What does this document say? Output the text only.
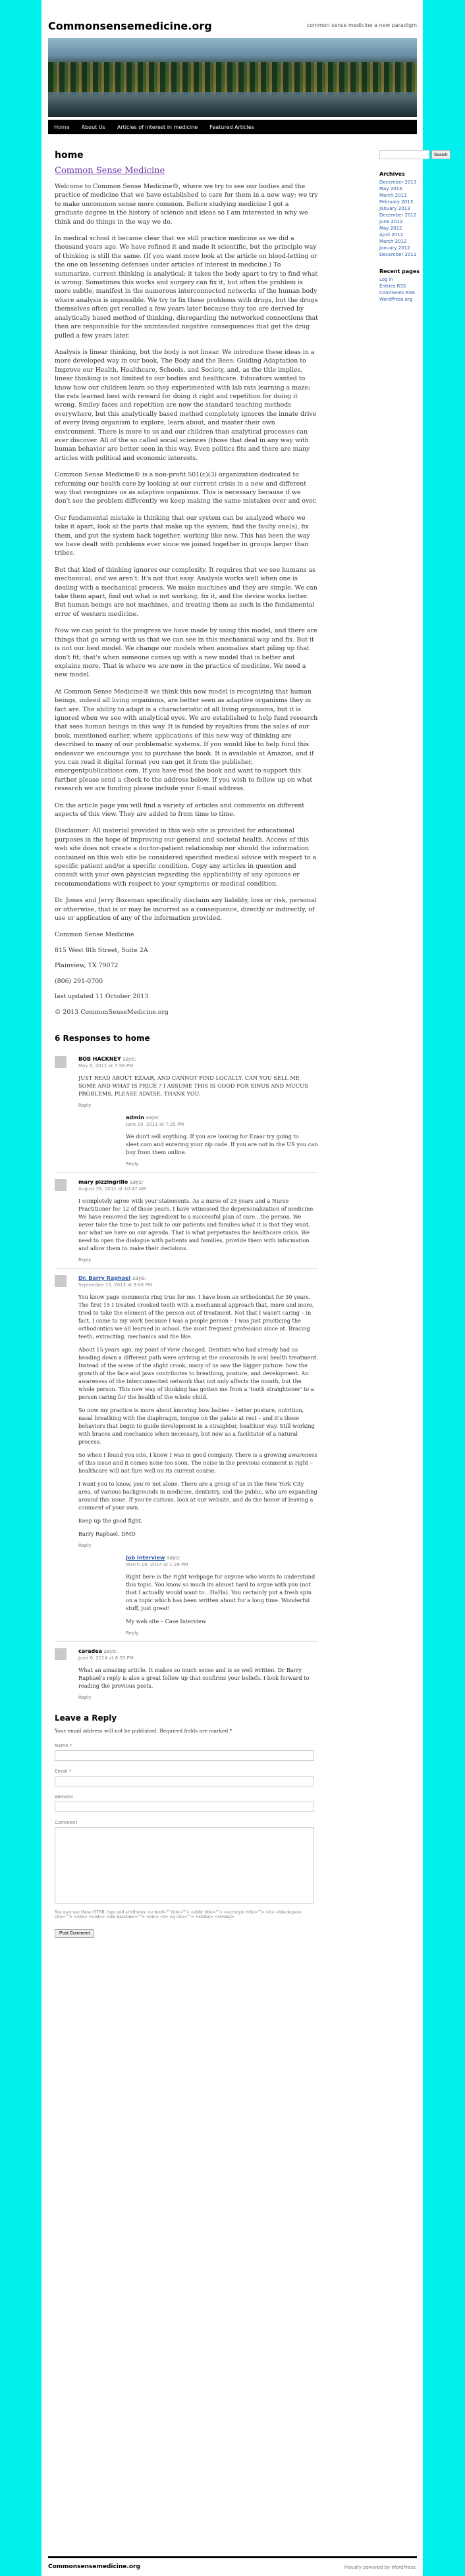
Commonsensemedicine.org	common sense medicine a new paradigm
Home	About Us	Articles of interest in medicine	Featured Articles
home
Common Sense Medicine

Welcome to Common Sense Medicine®, where we try to see our bodies and the practice of medicine that we have established to care for them in a new way; we try to make uncommon sense more common. Before studying medicine I got a graduate degree in the history of science and ideas so I am interested in why we think and do things in the way we do.

In medical school it became clear that we still practice medicine as we did a thousand years ago. We have refined it and made it scientific, but the principle way of thinking is still the same. (If you want more look at the article on blood-letting or the one on lessening defenses under articles of interest in medicine.) To summarize, current thinking is analytical; it takes the body apart to try to find what is wrong. Sometimes this works and surgery can fix it, but often the problem is more subtle, manifest in the numerous interconnected networks of the human body where analysis is impossible. We try to fix these problems with drugs, but the drugs themselves often get recalled a few years later because they too are derived by analytically based method of thinking, disregarding the networked connections that then are responsible for the unintended negative consequences that get the drug pulled a few years later.

Analysis is linear thinking, but the body is not linear. We introduce these ideas in a more developed way in our book, The Body and the Bees: Guiding Adaptation to Improve our Health, Healthcare, Schools, and Society, and, as the title implies, linear thinking is not limited to our bodies and healthcare. Educators wanted to know how our children learn so they experimented with lab rats learning a maze; the rats learned best with reward for doing it right and repetition for doing it wrong. Smiley faces and repetition are now the standard teaching methods everywhere, but this analytically based method completely ignores the innate drive of every living organism to explore, learn about, and master their own environment. There is more to us and our children than analytical processes can ever discover. All of the so called social sciences (those that deal in any way with human behavior are better seen in this way. Even politics fits and there are many articles with political and economic interests.

Common Sense Medicine® is a non-profit 501(c)(3) organization dedicated to reforming our health care by looking at our current crisis in a new and different way that recognizes us as adaptive organisms. This is necessary because if we don't see the problem differently we keep making the same mistakes over and over.

Our fundamental mistake is thinking that our system can be analyzed where we take it apart, look at the parts that make up the system, find the faulty one(s), fix them, and put the system back together, working like new. This has been the way we have dealt with problems ever since we joined together in groups larger than tribes.

But that kind of thinking ignores our complexity. It requires that we see humans as mechanical; and we aren't. It's not that easy. Analysis works well when one is dealing with a mechanical process. We make machines and they are simple. We can take them apart, find out what is not working, fix it, and the device works better. But human beings are not machines, and treating them as such is the fundamental error of western medicine.

Now we can point to the progress we have made by using this model, and there are things that go wrong with us that we can see in this mechanical way and fix. But it is not our best model. We change our models when anomalies start piling up that don't fit; that's when someone comes up with a new model that is better and explains more. That is where we are now in the practice of medicine. We need a new model.

At Common Sense Medicine® we think this new model is recognizing that human beings, indeed all living organisms, are better seen as adaptive organisms they in fact are. The ability to adapt is a characteristic of all living organisms, but it is ignored when we see with analytical eyes. We are established to help fund research that sees human beings in this way. It is funded by royalties from the sales of our book, mentioned earlier, where applications of this new way of thinking are described to many of our problematic systems. If you would like to help fund this endeavor we encourage you to purchase the book. It is available at Amazon, and if you can read it digital format you can get it from the publisher, emergentpublications.com. If you have read the book and want to support this further please send a check to the address below. If you wish to follow up on what research we are funding please include your E-mail address.

On the article page you will find a variety of articles and comments on different aspects of this view. They are added to from time to time.

Disclaimer: All material provided in this web site is provided for educational purposes in the hope of improving our general and societal health. Access of this web site does not create a doctor-patient relationship nor should the information contained on this web site be considered specified medical advice with respect to a specific patient and/or a specific condition. Copy any articles in question and consult with your own physician regarding the applicability of any opinions or recommendations with respect to your symptoms or medical condition.

Dr. Jones and Jerry Bozeman specifically disclaim any liability, loss or risk, personal or otherwise, that is or may be incurred as a consequence, directly or indirectly, of use or application of any of the information provided.

Common Sense Medicine

815 West 8th Street, Suite 2A

Plainview, TX 79072

(806) 291-0700

last updated 11 October 2013

© 2013 CommonSenseMedicine.org

6 Responses to home
BOB HACKNEY says:
May 9, 2011 at 7:58 PM

JUST READ ABOUT EZAAR, AND CANNOT FIND LOCALLY. CAN YOU SELL ME SOME AND WHAT IS PRICE ? I ASSUME THIS IS GOOD FOR SINUS AND MUCUS PROBLEMS. PLEASE ADVISE. THANK YOU.

Reply
admin says:
June 19, 2011 at 7:25 PM

We don't sell anything. If you are looking for Ezaar try going to sleet.com and entering your zip code. If you are not in the US you can buy from them online.

Reply
mary pizzingrillo says:
August 26, 2011 at 10:47 AM

I completely agree with your statements. As a nurse of 25 years and a Nurse Practitioner for 12 of those years, I have witnessed the depersonalization of medicine. We have removed the key ingredient to a successful plan of care…the person. We never take the time to just talk to our patients and families what it is that they want, nor what we have on our agenda. That is what perpetuates the healthcare crisis. We need to open the dialogue with patients and families, provide them with information and allow them to make their decisions.

Reply
Dr. Barry Raphael says:
September 15, 2013 at 9:06 PM

You know page comments ring true for me. I have been an orthodontist for 30 years. The first 15 I treated crooked teeth with a mechanical approach that, more and more, tried to take the element of the person out of treatment. Not that I wasn't caring – in fact, I came to my work because I was a people person – I was just practicing the orthodontics we all learned in school, the most frequent profession since at. Bracing teeth, extracting, mechanics and the like.

About 15 years ago, my point of view changed. Dentists who had already had us heading down a different path were arriving at the crossroads in oral health treatment. Instead of the scene of the slight crook, many of us saw the bigger picture: how the growth of the face and jaws contributes to breathing, posture, and development. An awareness of the interconnected network that not only affects the mouth, but the whole person. This new way of thinking has gotten me from a 'tooth straightener' to a person caring for the health of the whole child.

So now my practice is more about knowing how babies – better posture, nutrition, nasal breathing with the diaphragm, tongue on the palate at rest – and it's these behaviors that begin to guide development in a straighter, healthier way. Still working with braces and mechanics when necessary, but now as a facilitator of a natural process.

So when I found you site, I knew I was in good company. There is a growing awareness of this issue and it comes none too soon. The noise in the previous comment is right – healthcare will not fare well on its current course.

I want you to know, you're not alone. There are a group of us in the New York City area, of various backgrounds in medicine, dentistry, and the public, who are expanding around this issue. If you're curious, look at our website, and do the honor of leaving a comment of your own.

Keep up the good fight.

Barry Raphael, DMD

Reply
Job interview says:
March 18, 2014 at 1:29 PM

Right here is the right webpage for anyone who wants to understand this topic. You know so much its almost hard to argue with you (not that I actually would want to…HaHa). You certainly put a fresh spin on a topic which has been written about for a long time. Wonderful stuff, just great!

My web site – Case Interview

Reply
caradea says:
June 6, 2014 at 6:33 PM

What an amazing article. It makes so much sense and is so well written. Dr Barry Raphael's reply is also a great follow up that confirms your beliefs. I look forward to reading the previous posts.

Reply
Leave a Reply

Your email address will not be published. Required fields are marked *

Name *
Email *
Website
Comment

You may use these HTML tags and attributes: <a href="" title=""> <abbr title=""> <acronym title=""> <b> <blockquote cite=""> <cite> <code> <del datetime=""> <em> <i> <q cite=""> <strike> <strong>

Post Comment
Search
Archives
December 2013
May 2013
March 2013
February 2013
January 2013
December 2012
June 2012
May 2012
April 2012
March 2012
January 2012
December 2011
Recent pages
Log in
Entries RSS
Comments RSS
WordPress.org
Commonsensemedicine.org	Proudly powered by WordPress.
